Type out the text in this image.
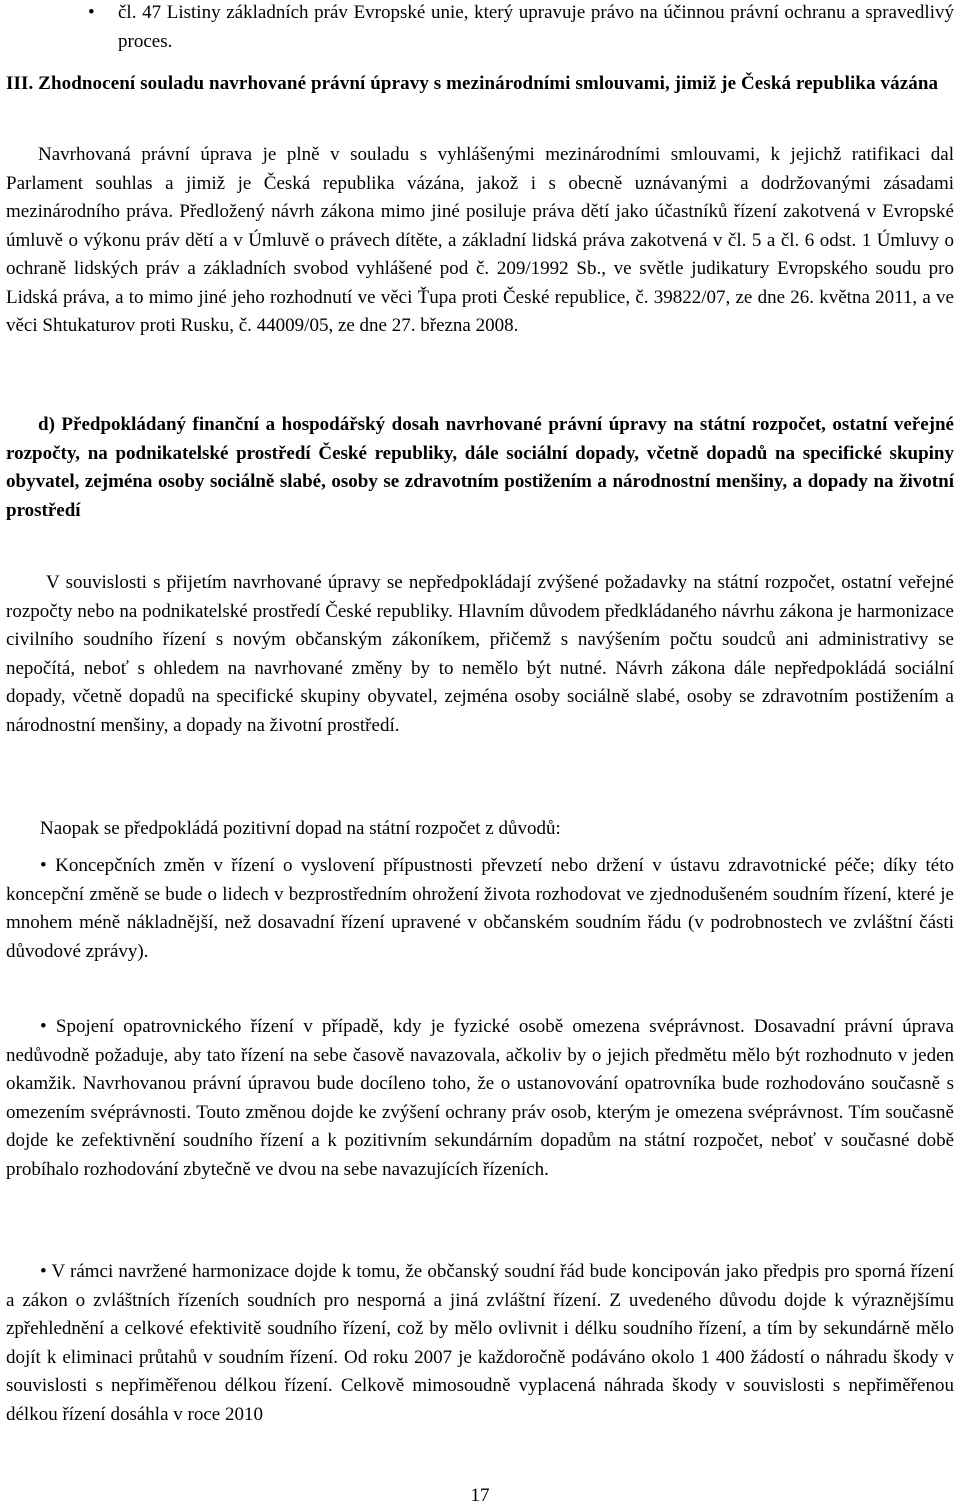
• čl. 47 Listiny základních práv Evropské unie, který upravuje právo na účinnou právní ochranu a spravedlivý proces.

III. Zhodnocení souladu navrhované právní úpravy s mezinárodními smlouvami, jimiž je Česká republika vázána

Navrhovaná právní úprava je plně v souladu s vyhlášenými mezinárodními smlouvami, k jejichž ratifikaci dal Parlament souhlas a jimiž je Česká republika vázána, jakož i s obecně uznávanými a dodržovanými zásadami mezinárodního práva. Předložený návrh zákona mimo jiné posiluje práva dětí jako účastníků řízení zakotvená v Evropské úmluvě o výkonu práv dětí a v Úmluvě o právech dítěte, a základní lidská práva zakotvená v čl. 5 a čl. 6 odst. 1 Úmluvy o ochraně lidských práv a základních svobod vyhlášené pod č. 209/1992 Sb., ve světle judikatury Evropského soudu pro Lidská práva, a to mimo jiné jeho rozhodnutí ve věci Ťupa proti České republice, č. 39822/07, ze dne 26. května 2011, a ve věci Shtukaturov proti Rusku, č. 44009/05, ze dne 27. března 2008.

d) Předpokládaný finanční a hospodářský dosah navrhované právní úpravy na státní rozpočet, ostatní veřejné rozpočty, na podnikatelské prostředí České republiky, dále sociální dopady, včetně dopadů na specifické skupiny obyvatel, zejména osoby sociálně slabé, osoby se zdravotním postižením a národnostní menšiny, a dopady na životní prostředí

V souvislosti s přijetím navrhované úpravy se nepředpokládají zvýšené požadavky na státní rozpočet, ostatní veřejné rozpočty nebo na podnikatelské prostředí České republiky. Hlavním důvodem předkládaného návrhu zákona je harmonizace civilního soudního řízení s novým občanským zákoníkem, přičemž s navýšením počtu soudců ani administrativy se nepočítá, neboť s ohledem na navrhované změny by to nemělo být nutné. Návrh zákona dále nepředpokládá sociální dopady, včetně dopadů na specifické skupiny obyvatel, zejména osoby sociálně slabé, osoby se zdravotním postižením a národnostní menšiny, a dopady na životní prostředí.

Naopak se předpokládá pozitivní dopad na státní rozpočet z důvodů:

• Koncepčních změn v řízení o vyslovení přípustnosti převzetí nebo držení v ústavu zdravotnické péče; díky této koncepční změně se bude o lidech v bezprostředním ohrožení života rozhodovat ve zjednodušeném soudním řízení, které je mnohem méně nákladnější, než dosavadní řízení upravené v občanském soudním řádu (v podrobnostech ve zvláštní části důvodové zprávy).

• Spojení opatrovnického řízení v případě, kdy je fyzické osobě omezena svéprávnost. Dosavadní právní úprava nedůvodně požaduje, aby tato řízení na sebe časově navazovala, ačkoliv by o jejich předmětu mělo být rozhodnuto v jeden okamžik. Navrhovanou právní úpravou bude docíleno toho, že o ustanovování opatrovníka bude rozhodováno současně s omezením svéprávnosti. Touto změnou dojde ke zvýšení ochrany práv osob, kterým je omezena svéprávnost. Tím současně dojde ke zefektivnění soudního řízení a k pozitivním sekundárním dopadům na státní rozpočet, neboť v současné době probíhalo rozhodování zbytečně ve dvou na sebe navazujících řízeních.

• V rámci navržené harmonizace dojde k tomu, že občanský soudní řád bude koncipován jako předpis pro sporná řízení a zákon o zvláštních řízeních soudních pro nesporná a jiná zvláštní řízení. Z uvedeného důvodu dojde k výraznějšímu zpřehlednění a celkové efektivitě soudního řízení, což by mělo ovlivnit i délku soudního řízení, a tím by sekundárně mělo dojít k eliminaci průtahů v soudním řízení. Od roku 2007 je každoročně podáváno okolo 1 400 žádostí o náhradu škody v souvislosti s nepřiměřenou délkou řízení. Celkově mimosoudně vyplacená náhrada škody v souvislosti s nepřiměřenou délkou řízení dosáhla v roce 2010

17
